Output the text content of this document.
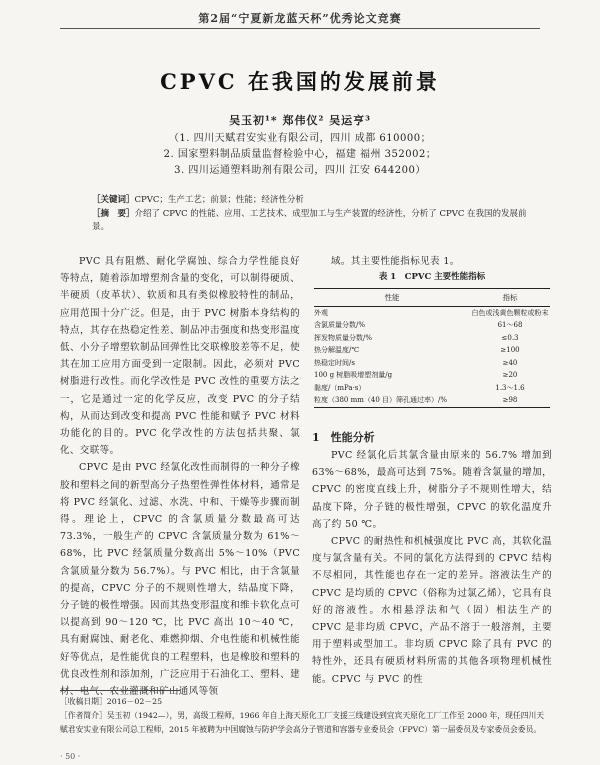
第2届“宁夏新龙蓝天杯”优秀论文竞赛
CPVC 在我国的发展前景
吴玉初¹* 郑伟仪² 吴运亨³
（1. 四川天赋君安实业有限公司，四川 成都 610000；
2. 国家塑料制品质量监督检验中心，福建 福州 352002；
3. 四川运通塑料助剂有限公司，四川 江安 644200）
［关键词］CPVC；生产工艺；前景；性能；经济性分析
［摘　要］介绍了 CPVC 的性能、应用、工艺技术、成型加工与生产装置的经济性，分析了 CPVC 在我国的发展前景。

PVC 具有阻燃、耐化学腐蚀、综合力学性能良好等特点，随着添加增塑剂含量的变化，可以制得硬质、半硬质（皮革状）、软质和具有类似橡胶特性的制品，应用范围十分广泛。但是，由于 PVC 树脂本身结构的特点，其存在热稳定性差、制品冲击强度和热变形温度低、小分子增塑软制品回弹性比交联橡胶差等不足，使其在加工应用方面受到一定限制。因此，必须对 PVC 树脂进行改性。而化学改性是 PVC 改性的重要方法之一，它是通过一定的化学反应，改变 PVC 的分子结构，从而达到改变和提高 PVC 性能和赋予 PVC 材料功能化的目的。PVC 化学改性的方法包括共聚、氯化、交联等。

CPVC 是由 PVC 经氯化改性而制得的一种分子橡胶和塑料之间的新型高分子热塑性弹性体材料，通常是将 PVC 经氯化、过滤、水洗、中和、干燥等步骤而制得。理论上，CPVC 的含氯质量分数最高可达 73.3%，一般生产的 CPVC 含氯质量分数为 61%～68%，比 PVC 经氯质量分数高出 5%～10%（PVC 含氯质量分数为 56.7%）。与 PVC 相比，由于含氯量的提高，CPVC 分子的不规则性增大，结晶度下降，分子链的极性增强。因而其热变形温度和维卡软化点可以提高到 90～120 ℃，比 PVC 高出 10～40 ℃，具有耐腐蚀、耐老化、难燃抑烟、介电性能和机械性能好等优点，是性能优良的工程塑料，也是橡胶和塑料的优良改性剂和添加剂，广泛应用于石油化工、塑料、建材、电气、农业灌溉和矿山通风等领

域。其主要性能指标见表 1。

表 1　CPVC 主要性能指标
性能	指标
外观	白色或浅黄色颗粒或粉末
含氯质量分数/%	61～68
挥发物质量分数/%	≤0.3
热分解温度/℃	≥100
热稳定时间/s	≥40
100 g 树脂吸增塑剂量/g	≥20
黏度/（mPa·s）	1.3～1.6
粒度（380 mm（40 目）筛孔通过率）/%	≥98
1　性能分析

PVC 经氯化后其氯含量由原来的 56.7% 增加到 63%～68%，最高可达到 75%。随着含氯量的增加，CPVC 的密度直线上升，树脂分子不规则性增大，结晶度下降，分子链的极性增强，CPVC 的软化温度升高了约 50 ℃。

CPVC 的耐热性和机械强度比 PVC 高，其软化温度与氯含量有关。不同的氯化方法得到的 CPVC 结构不尽相同，其性能也存在一定的差异。溶液法生产的 CPVC 是均质的 CPVC（俗称为过氯乙烯），它具有良好的溶液性。水相悬浮法和气（固）相法生产的 CPVC 是非均质 CPVC，产品不溶于一般溶剂，主要用于塑料或型加工。非均质 CPVC 除了具有 PVC 的特性外，还具有硬质材料所需的其他各项物理机械性能。CPVC 与 PVC 的性

［收稿日期］2016－02－25
［作者简介］吴玉初（1942—），男，高级工程师，1966 年自上海天原化工厂支援三线建设到宜宾天原化工厂工作至 2000 年，现任四川天赋君安实业有限公司总工程师，2015 年被聘为中国腐蚀与防护学会高分子管道和容器专业委员会（FPVC）第一届委员及专家委员会委员。
· 50 ·
